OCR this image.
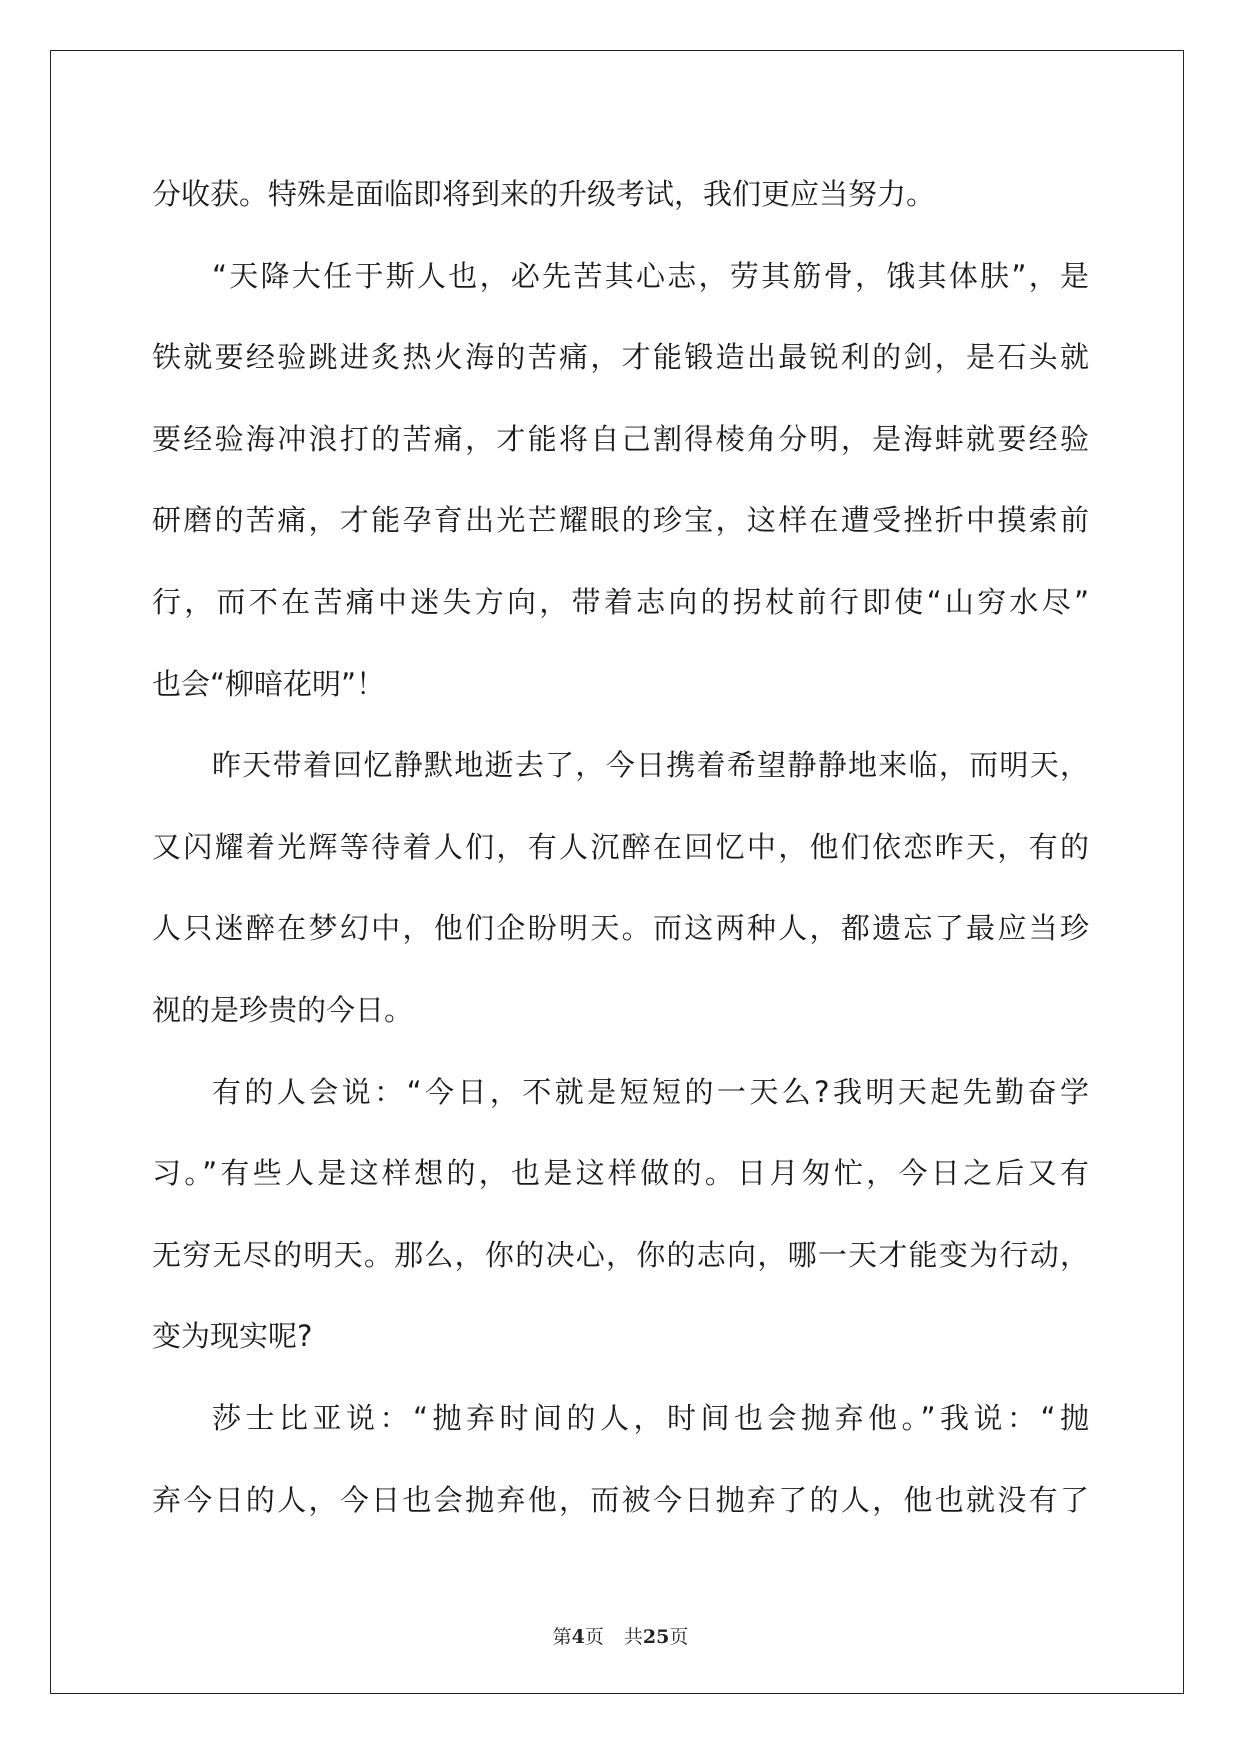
分收获。特殊是面临即将到来的升级考试，我们更应当努力。
“天降大任于斯人也，必先苦其心志，劳其筋骨，饿其体肤”，是
铁就要经验跳进炙热火海的苦痛，才能锻造出最锐利的剑，是石头就
要经验海冲浪打的苦痛，才能将自己割得棱角分明，是海蚌就要经验
研磨的苦痛，才能孕育出光芒耀眼的珍宝，这样在遭受挫折中摸索前
行，而不在苦痛中迷失方向，带着志向的拐杖前行即使“山穷水尽”
也会“柳暗花明”！
昨天带着回忆静默地逝去了，今日携着希望静静地来临，而明天，
又闪耀着光辉等待着人们，有人沉醉在回忆中，他们依恋昨天，有的
人只迷醉在梦幻中，他们企盼明天。而这两种人，都遗忘了最应当珍
视的是珍贵的今日。
有的人会说：“今日，不就是短短的一天么?我明天起先勤奋学
习。”有些人是这样想的，也是这样做的。日月匆忙，今日之后又有
无穷无尽的明天。那么，你的决心，你的志向，哪一天才能变为行动，
变为现实呢?
莎士比亚说：“抛弃时间的人，时间也会抛弃他。”我说：“抛
弃今日的人，今日也会抛弃他，而被今日抛弃了的人，他也就没有了
第4页 共25页
